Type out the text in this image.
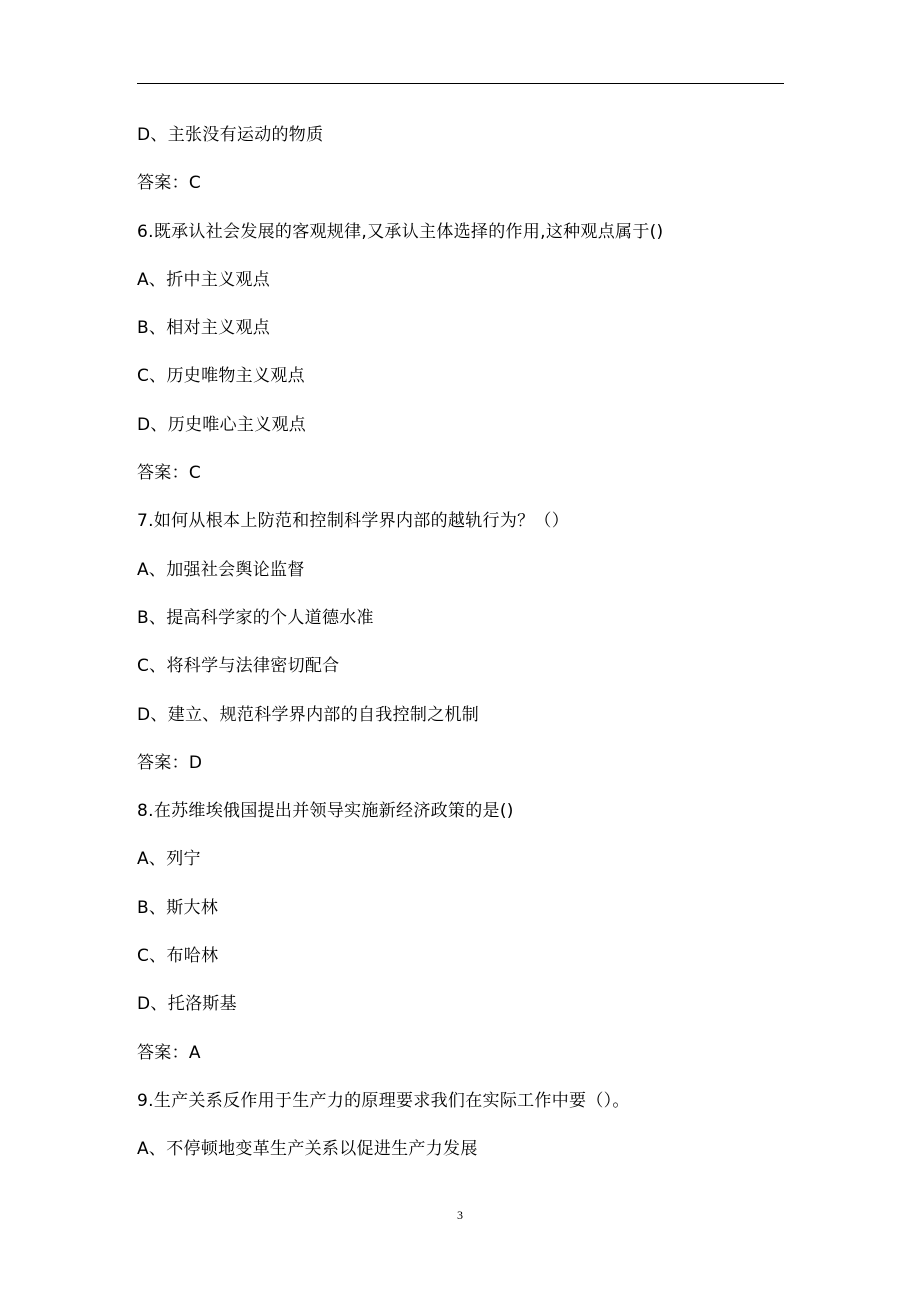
D、主张没有运动的物质
答案：C
6.既承认社会发展的客观规律,又承认主体选择的作用,这种观点属于()
A、折中主义观点
B、相对主义观点
C、历史唯物主义观点
D、历史唯心主义观点
答案：C
7.如何从根本上防范和控制科学界内部的越轨行为？（）
A、加强社会舆论监督
B、提高科学家的个人道德水准
C、将科学与法律密切配合
D、建立、规范科学界内部的自我控制之机制
答案：D
8.在苏维埃俄国提出并领导实施新经济政策的是()
A、列宁
B、斯大林
C、布哈林
D、托洛斯基
答案：A
9.生产关系反作用于生产力的原理要求我们在实际工作中要（）。
A、不停顿地变革生产关系以促进生产力发展
3
